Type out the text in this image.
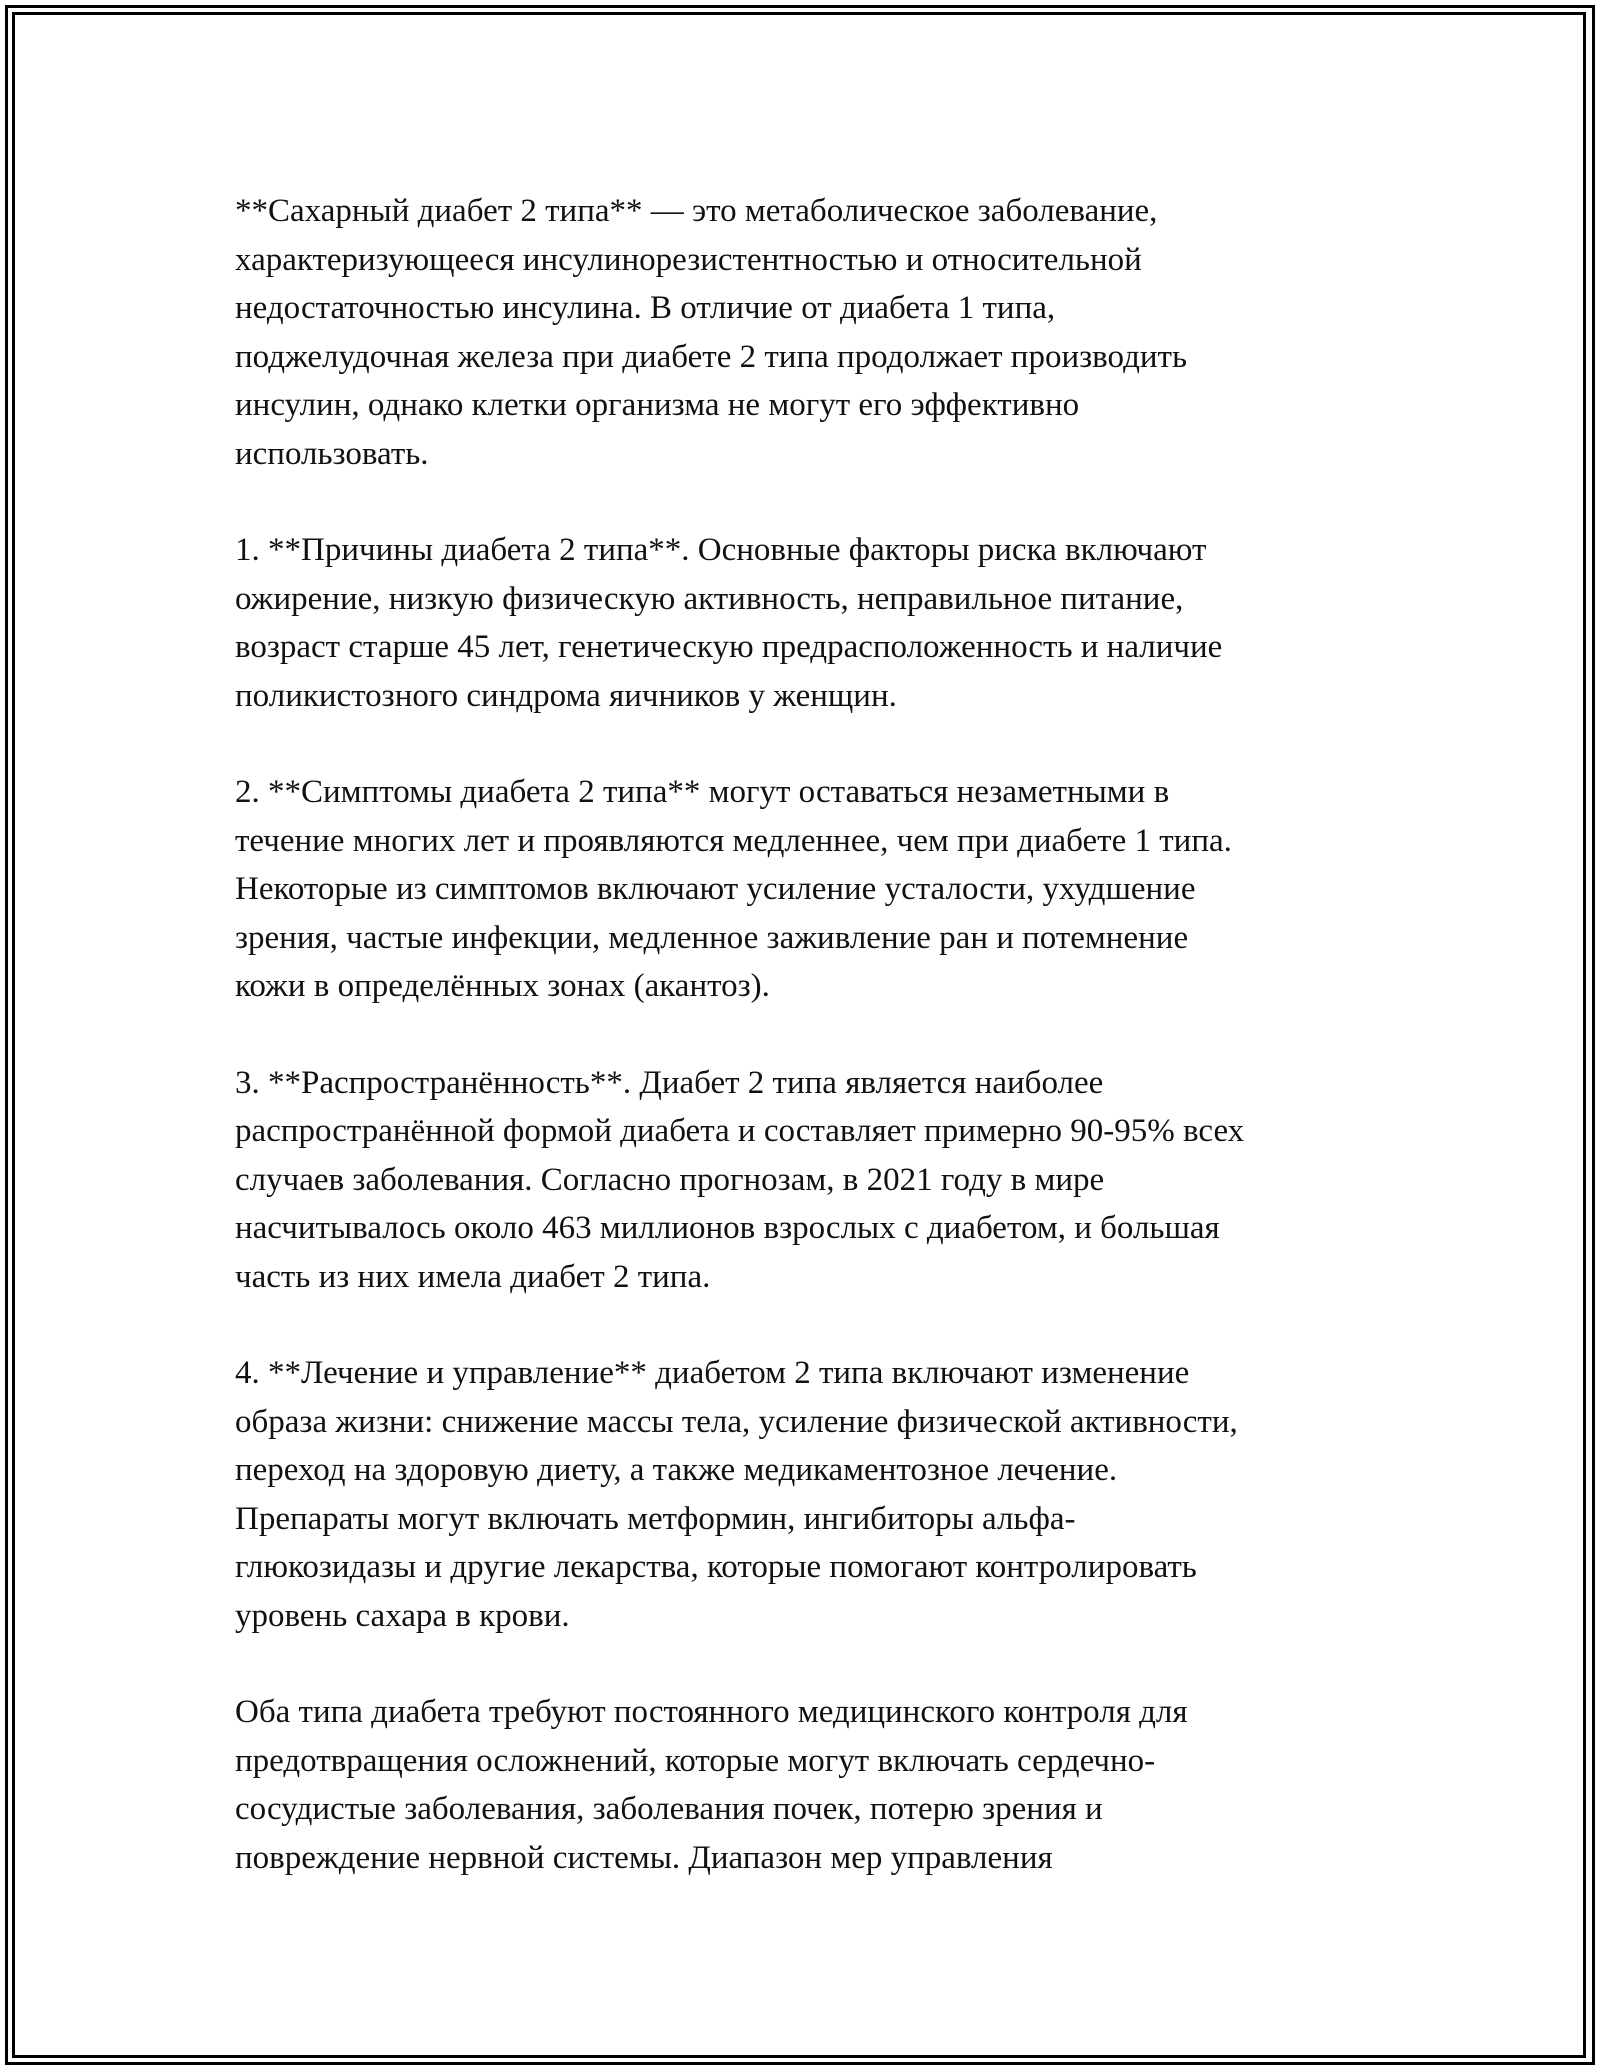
**Сахарный диабет 2 типа** — это метаболическое заболевание,
характеризующееся инсулинорезистентностью и относительной
недостаточностью инсулина. В отличие от диабета 1 типа,
поджелудочная железа при диабете 2 типа продолжает производить
инсулин, однако клетки организма не могут его эффективно
использовать.

1. **Причины диабета 2 типа**. Основные факторы риска включают
ожирение, низкую физическую активность, неправильное питание,
возраст старше 45 лет, генетическую предрасположенность и наличие
поликистозного синдрома яичников у женщин.

2. **Симптомы диабета 2 типа** могут оставаться незаметными в
течение многих лет и проявляются медленнее, чем при диабете 1 типа.
Некоторые из симптомов включают усиление усталости, ухудшение
зрения, частые инфекции, медленное заживление ран и потемнение
кожи в определённых зонах (акантоз).

3. **Распространённость**. Диабет 2 типа является наиболее
распространённой формой диабета и составляет примерно 90-95% всех
случаев заболевания. Согласно прогнозам, в 2021 году в мире
насчитывалось около 463 миллионов взрослых с диабетом, и большая
часть из них имела диабет 2 типа.

4. **Лечение и управление** диабетом 2 типа включают изменение
образа жизни: снижение массы тела, усиление физической активности,
переход на здоровую диету, а также медикаментозное лечение.
Препараты могут включать метформин, ингибиторы альфа-
глюкозидазы и другие лекарства, которые помогают контролировать
уровень сахара в крови.

Оба типа диабета требуют постоянного медицинского контроля для
предотвращения осложнений, которые могут включать сердечно-
сосудистые заболевания, заболевания почек, потерю зрения и
повреждение нервной системы. Диапазон мер управления
